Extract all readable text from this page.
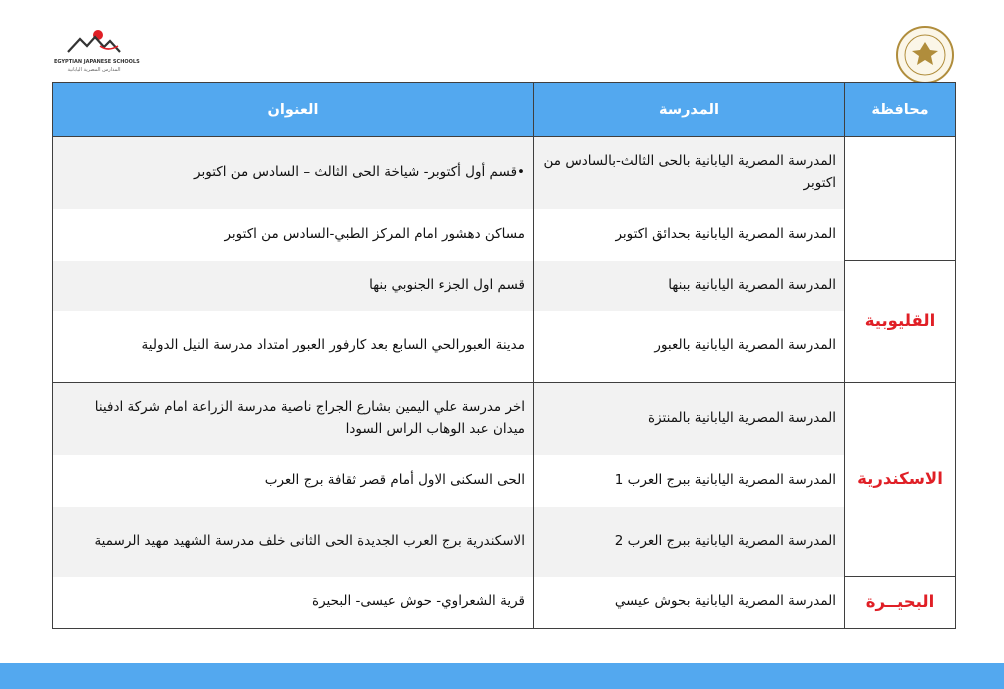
EGYPTIAN JAPANESE SCHOOLS
المدارس المصرية اليابانية
محافظة	المدرسة	العنوان
	المدرسة المصرية اليابانية بالحى الثالث-بالسادس من اكتوبر	•قسم أول أكتوبر- شياخة الحى الثالث – السادس من اكتوبر
	المدرسة المصرية اليابانية بحدائق اكتوبر	مساكن دهشور امام المركز الطبي-السادس من اكتوبر
القليوبية	المدرسة المصرية اليابانية ببنها	قسم اول الجزء الجنوبي بنها
	المدرسة المصرية اليابانية بالعبور	مدينة العبورالحي السابع بعد كارفور العبور امتداد مدرسة النيل الدولية
الاسكندرية	المدرسة المصرية اليابانية بالمنتزة	اخر مدرسة علي اليمين بشارع الجراج ناصية مدرسة الزراعة امام شركة ادفينا ميدان عبد الوهاب الراس السودا
	المدرسة المصرية اليابانية ببرج العرب 1	الحى السكنى الاول أمام قصر ثقافة برج العرب
	المدرسة المصرية اليابانية ببرج العرب 2	الاسكندرية برج العرب الجديدة الحى الثانى خلف مدرسة الشهيد مهيد الرسمية
البحيــرة	المدرسة المصرية اليابانية بحوش عيسي	قرية الشعراوي- حوش عيسى- البحيرة
